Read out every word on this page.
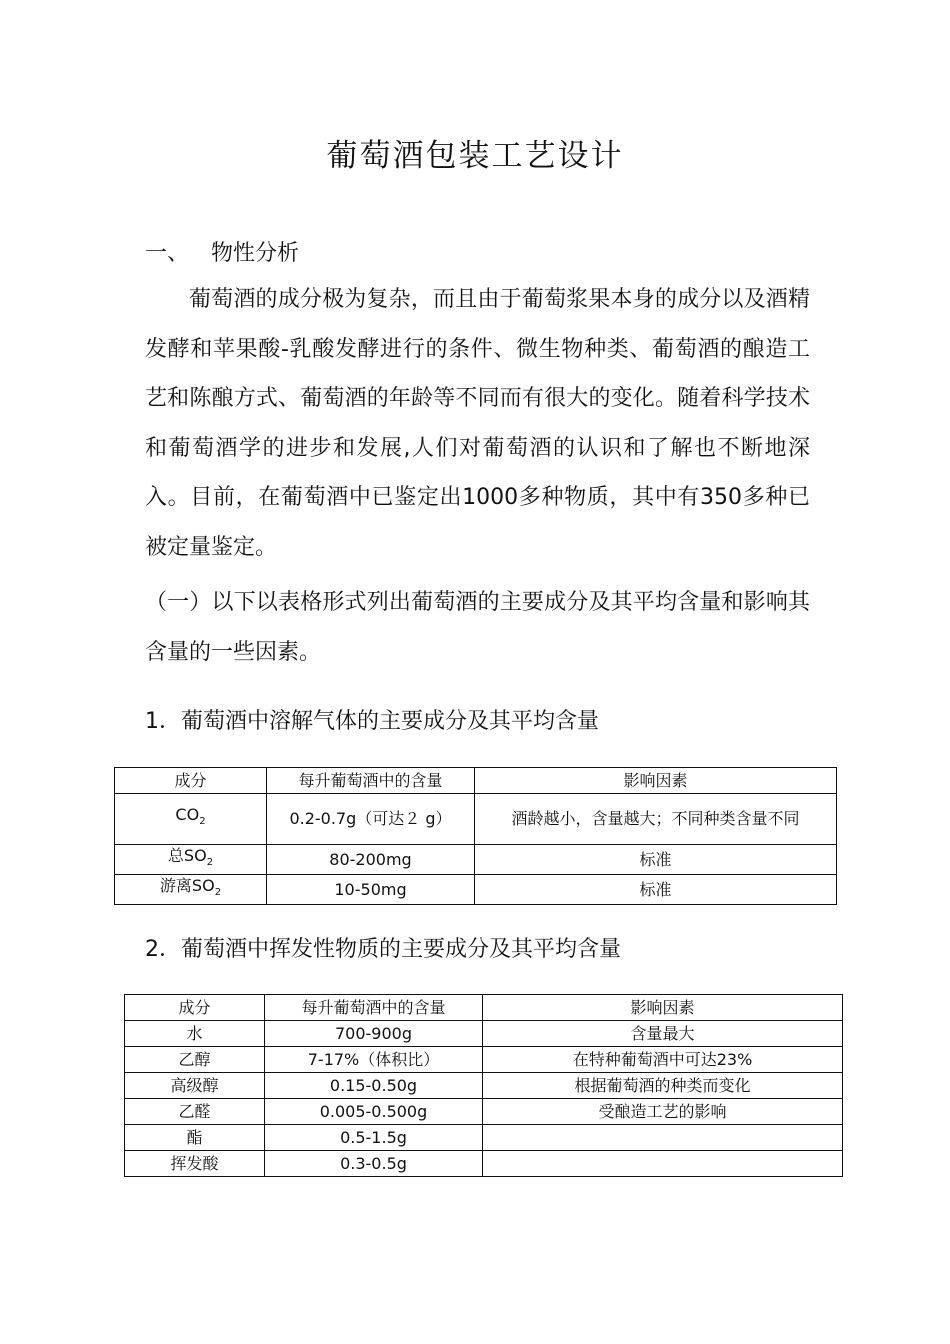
葡萄酒包装工艺设计
一、 物性分析
葡萄酒的成分极为复杂，而且由于葡萄浆果本身的成分以及酒精发酵和苹果酸-乳酸发酵进行的条件、微生物种类、葡萄酒的酿造工艺和陈酿方式、葡萄酒的年龄等不同而有很大的变化。随着科学技术和葡萄酒学的进步和发展,人们对葡萄酒的认识和了解也不断地深入。目前，在葡萄酒中已鉴定出1000多种物质，其中有350多种已被定量鉴定。
（一）以下以表格形式列出葡萄酒的主要成分及其平均含量和影响其含量的一些因素。
1．葡萄酒中溶解气体的主要成分及其平均含量
成分	每升葡萄酒中的含量	影响因素
$CO_2$	0.2-0.7g（可达２ g）	酒龄越小，含量越大；不同种类含量不同
总$SO_2$	80-200mg	标准
游离$SO_2$	10-50mg	标准
2．葡萄酒中挥发性物质的主要成分及其平均含量
成分	每升葡萄酒中的含量	影响因素
水	700-900g	含量最大
乙醇	7-17%（体积比）	在特种葡萄酒中可达23%
高级醇	0.15-0.50g	根据葡萄酒的种类而变化
乙醛	0.005-0.500g	受酿造工艺的影响
酯	0.5-1.5g	
挥发酸	0.3-0.5g	
